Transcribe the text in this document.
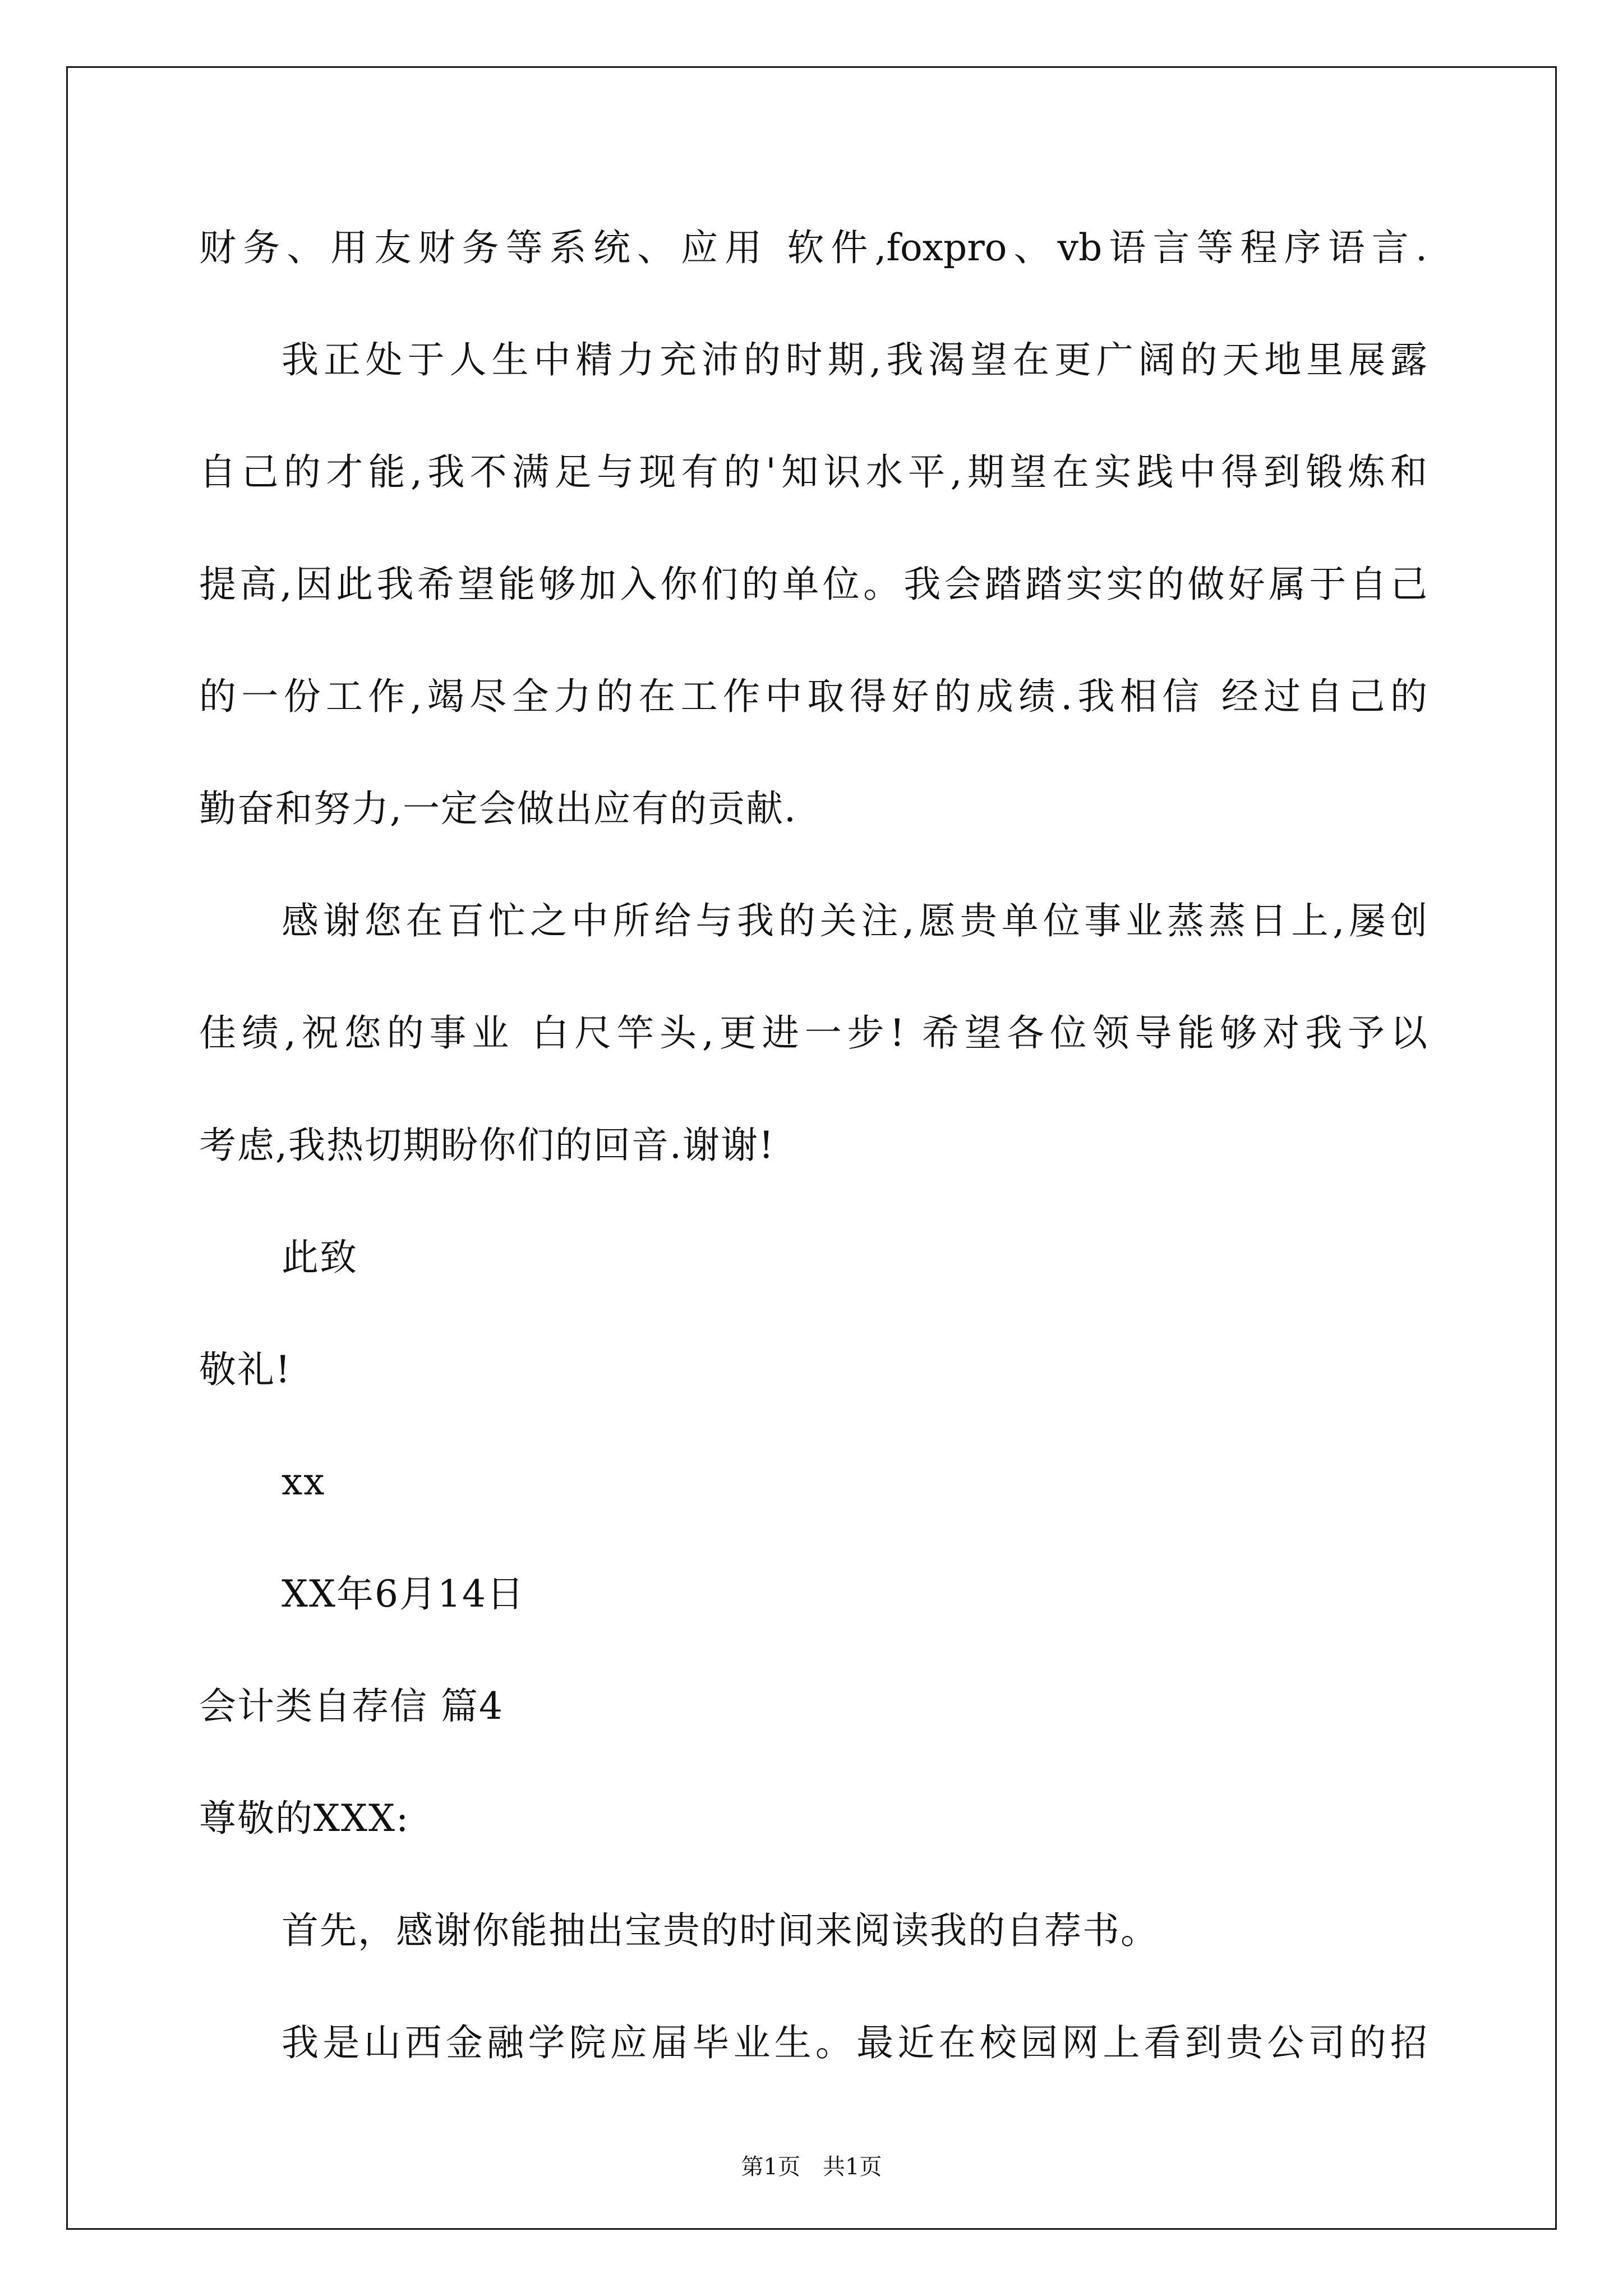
财务、用友财务等系统、应用 软件,foxpro、vb语言等程序语言.
我正处于人生中精力充沛的时期,我渴望在更广阔的天地里展露
自己的才能,我不满足与现有的'知识水平,期望在实践中得到锻炼和
提高,因此我希望能够加入你们的单位。我会踏踏实实的做好属于自己
的一份工作,竭尽全力的在工作中取得好的成绩.我相信 经过自己的
勤奋和努力,一定会做出应有的贡献.
感谢您在百忙之中所给与我的关注,愿贵单位事业蒸蒸日上,屡创
佳绩,祝您的事业 白尺竿头,更进一步! 希望各位领导能够对我予以
考虑,我热切期盼你们的回音.谢谢!
此致
敬礼!
xx
XX年6月14日
会计类自荐信 篇4
尊敬的XXX:
首先，感谢你能抽出宝贵的时间来阅读我的自荐书。
我是山西金融学院应届毕业生。最近在校园网上看到贵公司的招
第1页 共1页
